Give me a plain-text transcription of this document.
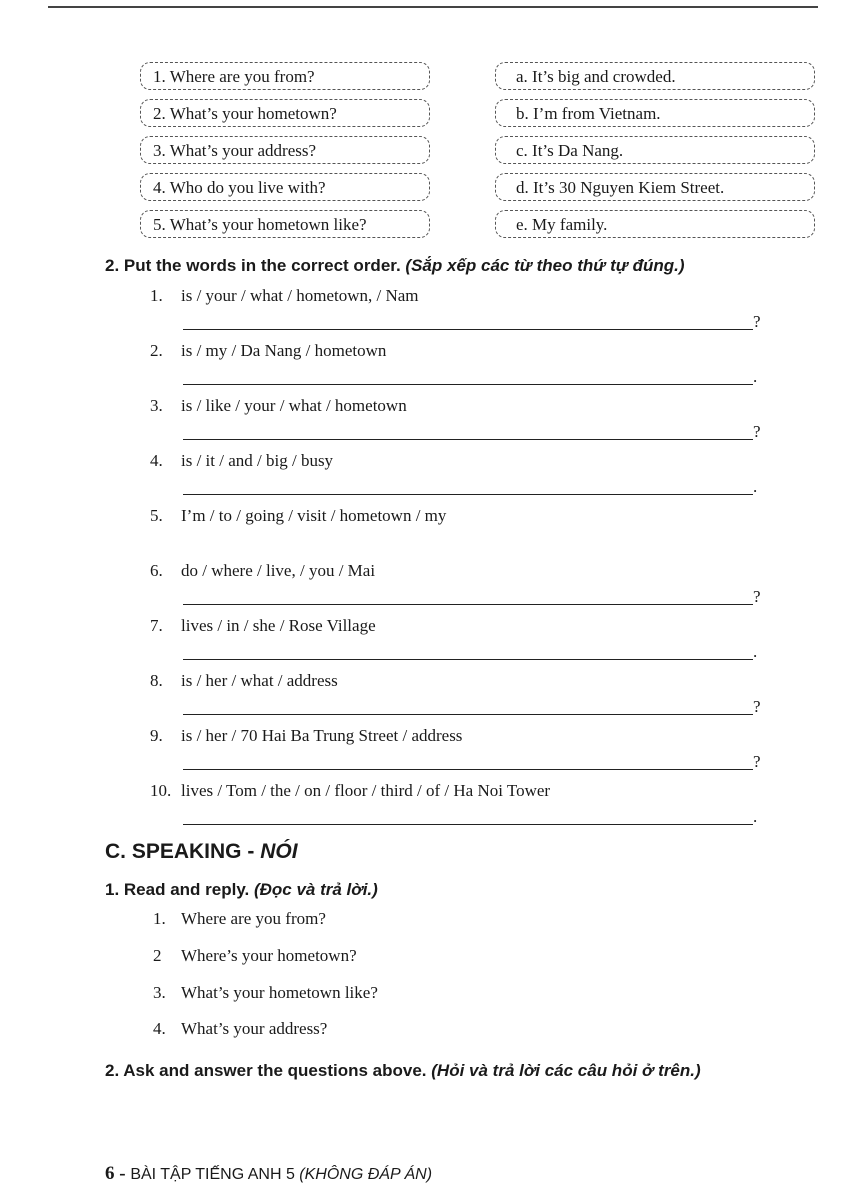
1. Where are you from?	a. It’s big and crowded.
2. What’s your hometown?	b. I’m from Vietnam.
3. What’s your address?	c. It’s Da Nang.
4. Who do you live with?	d. It’s 30 Nguyen Kiem Street.
5. What’s your hometown like?	e. My family.
2. Put the words in the correct order. (Sắp xếp các từ theo thứ tự đúng.)
1. is / your / what / hometown, / Nam
?
2. is / my / Da Nang / hometown
.
3. is / like / your / what / hometown
?
4. is / it / and / big / busy
.
5. I’m / to / going / visit / hometown / my
6. do / where / live, / you / Mai
?
7. lives / in / she / Rose Village
.
8. is / her / what / address
?
9. is / her / 70 Hai Ba Trung Street / address
?
10. lives / Tom / the / on / floor / third / of / Ha Noi Tower
.
C. SPEAKING - NÓI
1. Read and reply. (Đọc và trả lời.)
1. Where are you from?
2 Where’s your hometown?
3. What’s your hometown like?
4. What’s your address?
2. Ask and answer the questions above. (Hỏi và trả lời các câu hỏi ở trên.)
6 - BÀI TẬP TIẾNG ANH 5 (KHÔNG ĐÁP ÁN)
